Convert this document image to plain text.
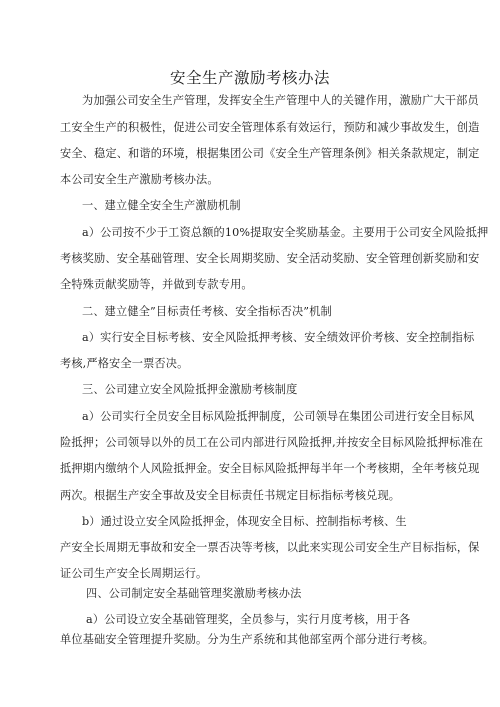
安全生产激励考核办法
为加强公司安全生产管理，发挥安全生产管理中人的关键作用，激励广大干部员
工安全生产的积极性，促进公司安全管理体系有效运行，预防和减少事故发生，创造
安全、稳定、和谐的环境，根据集团公司《安全生产管理条例》相关条款规定，制定
本公司安全生产激励考核办法。
一、建立健全安全生产激励机制
a）公司按不少于工资总额的10%提取安全奖励基金。主要用于公司安全风险抵押
考核奖励、安全基础管理、安全长周期奖励、安全活动奖励、安全管理创新奖励和安
全特殊贡献奖励等，并做到专款专用。
二、建立健全”目标责任考核、安全指标否决”机制
a）实行安全目标考核、安全风险抵押考核、安全绩效评价考核、安全控制指标
考核,严格安全一票否决。
三、公司建立安全风险抵押金激励考核制度
a）公司实行全员安全目标风险抵押制度，公司领导在集团公司进行安全目标风
险抵押；公司领导以外的员工在公司内部进行风险抵押,并按安全目标风险抵押标准在
抵押期内缴纳个人风险抵押金。安全目标风险抵押每半年一个考核期，全年考核兑现
两次。根据生产安全事故及安全目标责任书规定目标指标考核兑现。
b）通过设立安全风险抵押金，体现安全目标、控制指标考核、生
产安全长周期无事故和安全一票否决等考核，以此来实现公司安全生产目标指标，保
证公司生产安全长周期运行。
四、公司制定安全基础管理奖激励考核办法
a）公司设立安全基础管理奖，全员参与，实行月度考核，用于各
单位基础安全管理提升奖励。分为生产系统和其他部室两个部分进行考核。
